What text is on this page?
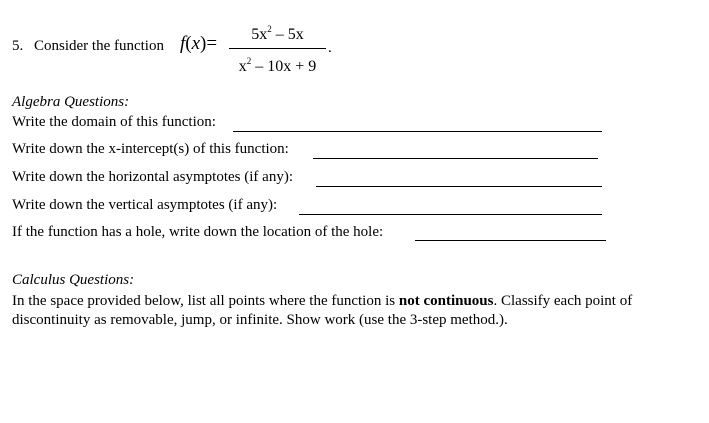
5. Consider the function f(x)=	$5x^2 - 5x$
$x^2 - 10x + 9$
.
Algebra Questions:
Write the domain of this function:
Write down the x-intercept(s) of this function:
Write down the horizontal asymptotes (if any):
Write down the vertical asymptotes (if any):
If the function has a hole, write down the location of the hole:
Calculus Questions:
In the space provided below, list all points where the function is not continuous. Classify each point of discontinuity as removable, jump, or infinite. Show work (use the 3-step method.).
